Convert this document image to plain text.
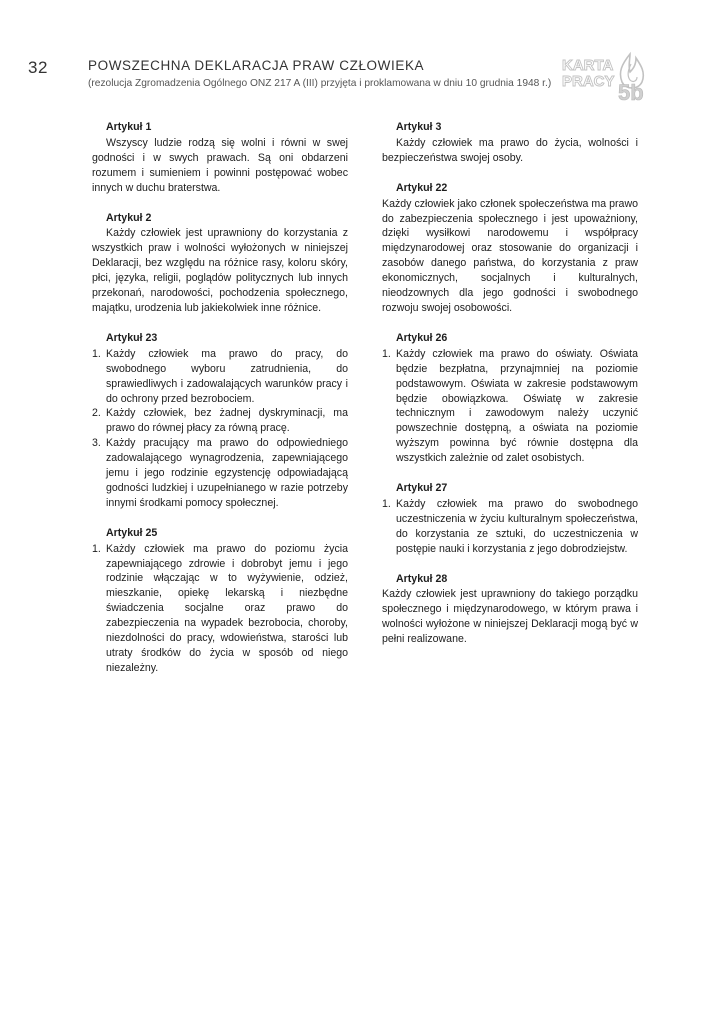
32	POWSZECHNA DEKLARACJA PRAW CZŁOWIEKA
(rezolucja Zgromadzenia Ogólnego ONZ 217 A (III) przyjęta i proklamowana w dniu 10 grudnia 1948 r.)
KARTA
PRACY 5b
Artykuł 1

Wszyscy ludzie rodzą się wolni i równi w swej godności i w swych prawach. Są oni obdarzeni rozumem i sumieniem i powinni postępować wobec innych w duchu braterstwa.

Artykuł 2

Każdy człowiek jest uprawniony do korzystania z wszystkich praw i wolności wyłożonych w niniejszej Deklaracji, bez względu na różnice rasy, koloru skóry, płci, języka, religii, poglądów politycznych lub innych przekonań, narodowości, pochodzenia społecznego, majątku, urodzenia lub jakiekolwiek inne różnice.

Artykuł 23
1. Każdy człowiek ma prawo do pracy, do swobodnego wyboru zatrudnienia, do sprawiedliwych i zadowalających warunków pracy i do ochrony przed bezrobociem.
2. Każdy człowiek, bez żadnej dyskryminacji, ma prawo do równej płacy za równą pracę.
3. Każdy pracujący ma prawo do odpowiedniego zadowalającego wynagrodzenia, zapewniającego jemu i jego rodzinie egzystencję odpowiadającą godności ludzkiej i uzupełnianego w razie potrzeby innymi środkami pomocy społecznej.
Artykuł 25
1. Każdy człowiek ma prawo do poziomu życia zapewniającego zdrowie i dobrobyt jemu i jego rodzinie włączając w to wyżywienie, odzież, mieszkanie, opiekę lekarską i niezbędne świadczenia socjalne oraz prawo do zabezpieczenia na wypadek bezrobocia, choroby, niezdolności do pracy, wdowieństwa, starości lub utraty środków do życia w sposób od niego niezależny.
Artykuł 3

Każdy człowiek ma prawo do życia, wolności i bezpieczeństwa swojej osoby.

Artykuł 22

Każdy człowiek jako członek społeczeństwa ma prawo do zabezpieczenia społecznego i jest upoważniony, dzięki wysiłkowi narodowemu i współpracy międzynarodowej oraz stosowanie do organizacji i zasobów danego państwa, do korzystania z praw ekonomicznych, socjalnych i kulturalnych, nieodzownych dla jego godności i swobodnego rozwoju swojej osobowości.

Artykuł 26
1. Każdy człowiek ma prawo do oświaty. Oświata będzie bezpłatna, przynajmniej na poziomie podstawowym. Oświata w zakresie podstawowym będzie obowiązkowa. Oświatę w zakresie technicznym i zawodowym należy uczynić powszechnie dostępną, a oświata na poziomie wyższym powinna być równie dostępna dla wszystkich zależnie od zalet osobistych.
Artykuł 27
1. Każdy człowiek ma prawo do swobodnego uczestniczenia w życiu kulturalnym społeczeństwa, do korzystania ze sztuki, do uczestniczenia w postępie nauki i korzystania z jego dobrodziejstw.
Artykuł 28

Każdy człowiek jest uprawniony do takiego porządku społecznego i międzynarodowego, w którym prawa i wolności wyłożone w niniejszej Deklaracji mogą być w pełni realizowane.
